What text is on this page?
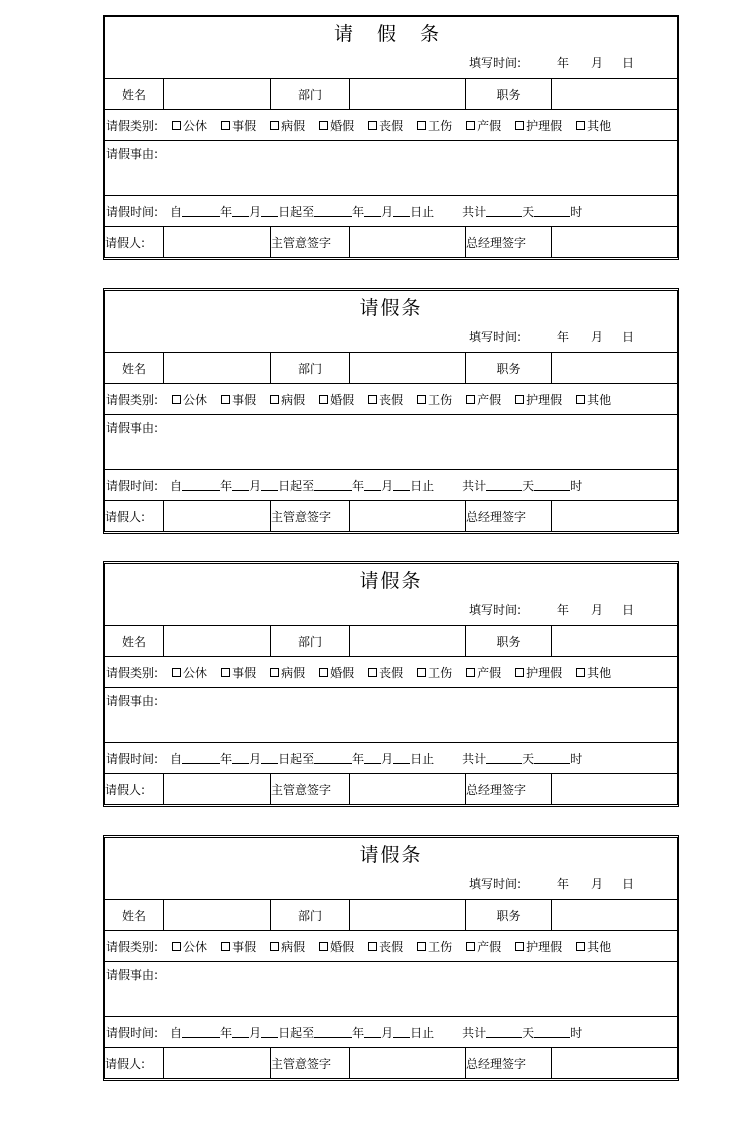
请 假 条
填写时间:	年 月 日
姓名	部门	职务
请假类别: 公休 事假 病假 婚假 丧假 工伤 产假 护理假 其他
请假事由:
请假时间: 自	年 月 日起至	年 月 日止 共计	天	时
请假人:	主管意签字	总经理签字
请假条
填写时间:	年 月 日
姓名	部门	职务
请假类别: 公休 事假 病假 婚假 丧假 工伤 产假 护理假 其他
请假事由:
请假时间: 自	年 月 日起至	年 月 日止 共计	天	时
请假人:	主管意签字	总经理签字
请假条
填写时间:	年 月 日
姓名	部门	职务
请假类别: 公休 事假 病假 婚假 丧假 工伤 产假 护理假 其他
请假事由:
请假时间: 自	年 月 日起至	年 月 日止 共计	天	时
请假人:	主管意签字	总经理签字
请假条
填写时间:	年 月 日
姓名	部门	职务
请假类别: 公休 事假 病假 婚假 丧假 工伤 产假 护理假 其他
请假事由:
请假时间: 自	年 月 日起至	年 月 日止 共计	天	时
请假人:	主管意签字	总经理签字
